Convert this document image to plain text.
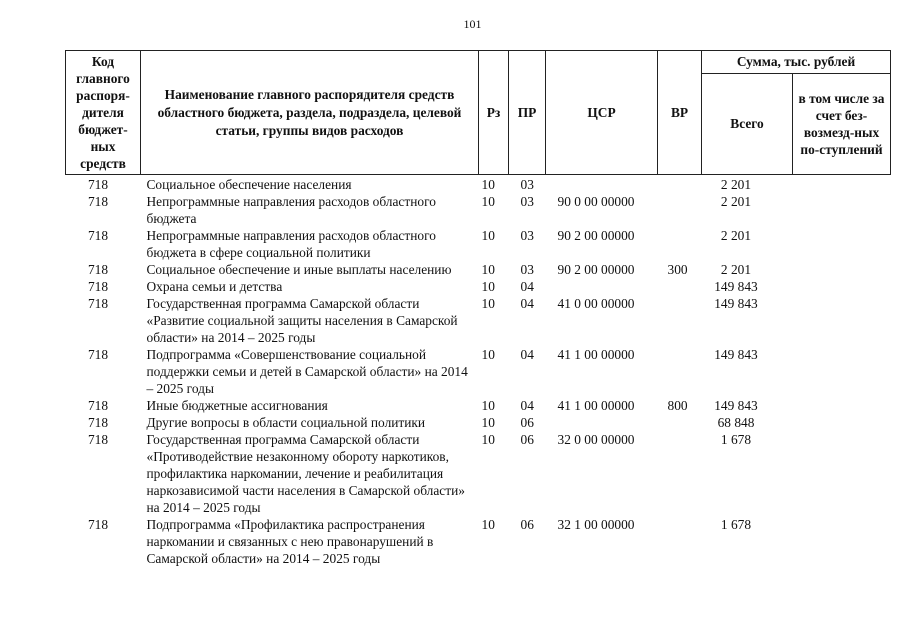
101
Код главного распоря-дителя бюджет-ных средств	Наименование главного распорядителя средств областного бюджета, раздела, подраздела, целевой статьи, группы видов расходов	Рз	ПР	ЦСР	ВР	Сумма, тыс. рублей	
						Всего	в том числе за счет без-возмезд-ных по-ступлений
718	Социальное обеспечение населения	10	03			2 201	
718	Непрограммные направления расходов областного бюджета	10	03	90 0 00 00000		2 201	
718	Непрограммные направления расходов областного бюджета в сфере социальной политики	10	03	90 2 00 00000		2 201	
718	Социальное обеспечение и иные выплаты населению	10	03	90 2 00 00000	300	2 201	
718	Охрана семьи и детства	10	04			149 843	
718	Государственная программа Самарской области «Развитие социальной защиты населения в Самарской области» на 2014 – 2025 годы	10	04	41 0 00 00000		149 843	
718	Подпрограмма «Совершенствование социальной поддержки семьи и детей в Самарской области» на 2014 – 2025 годы	10	04	41 1 00 00000		149 843	
718	Иные бюджетные ассигнования	10	04	41 1 00 00000	800	149 843	
718	Другие вопросы в области социальной политики	10	06			68 848	
718	Государственная программа Самарской области «Противодействие незаконному обороту наркотиков, профилактика наркомании, лечение и реабилитация наркозависимой части населения в Самарской области» на 2014 – 2025 годы	10	06	32 0 00 00000		1 678	
718	Подпрограмма «Профилактика распространения наркомании и связанных с нею правонарушений в Самарской области» на 2014 – 2025 годы	10	06	32 1 00 00000		1 678	
